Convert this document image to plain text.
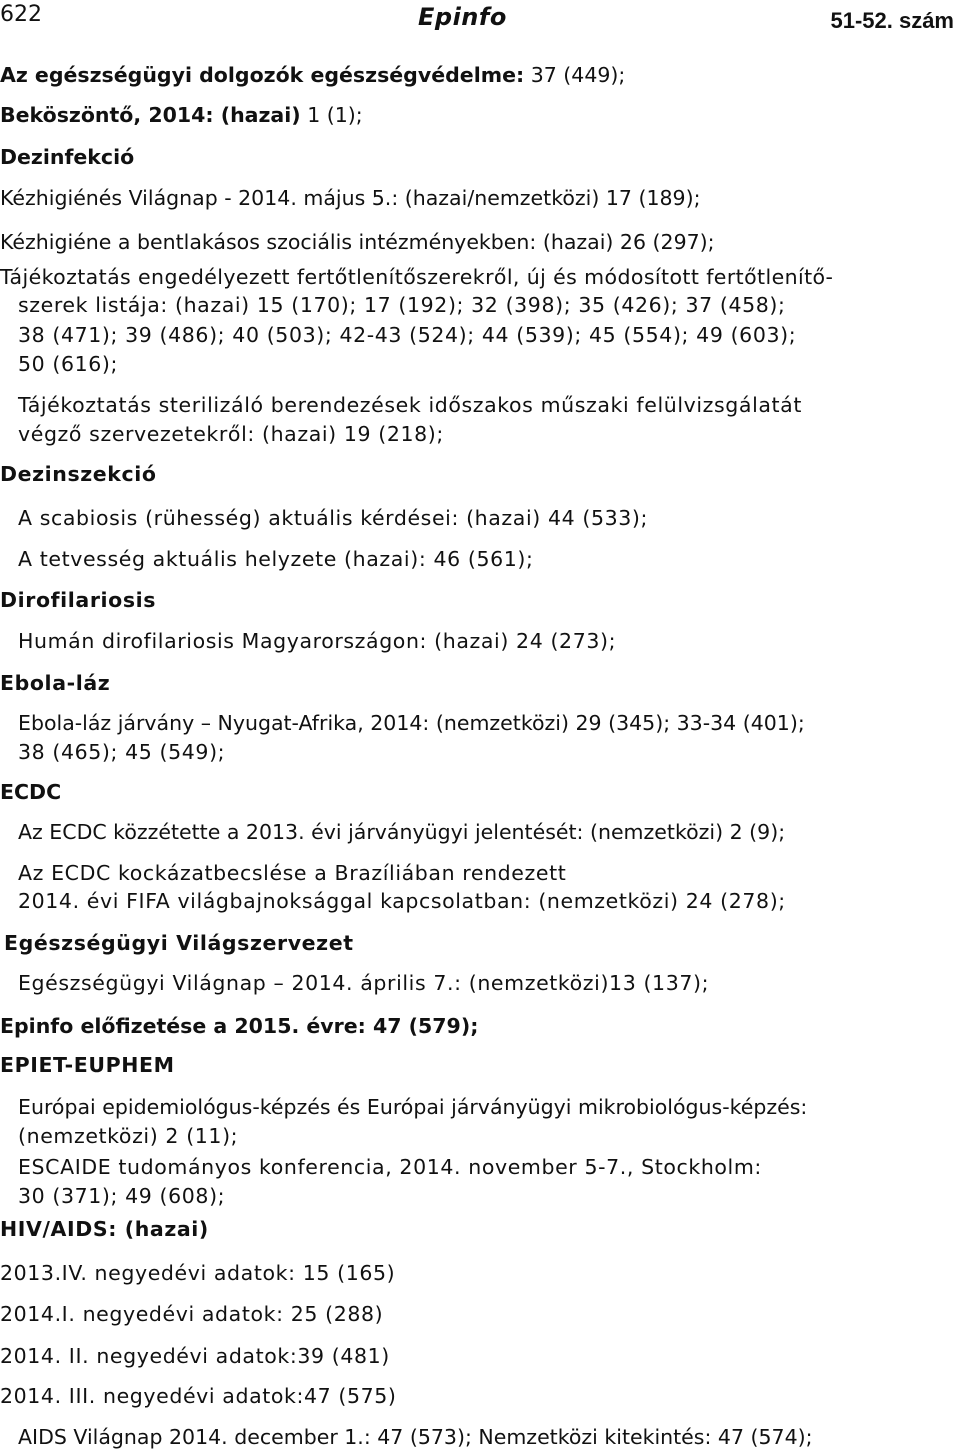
622	Epinfo	51-52. szám
Az egészségügyi dolgozók egészségvédelme: 37 (449);
Beköszöntő, 2014: (hazai) 1 (1);
Dezinfekció
Kézhigiénés Világnap - 2014. május 5.: (hazai/nemzetközi) 17 (189);
Kézhigiéne a bentlakásos szociális intézményekben: (hazai) 26 (297);
Tájékoztatás engedélyezett fertőtlenítőszerekről, új és módosított fertőtlenítő-
szerek listája: (hazai) 15 (170); 17 (192); 32 (398); 35 (426); 37 (458);
38 (471); 39 (486); 40 (503); 42-43 (524); 44 (539); 45 (554); 49 (603);
50 (616);
Tájékoztatás sterilizáló berendezések időszakos műszaki felülvizsgálatát
végző szervezetekről: (hazai) 19 (218);
Dezinszekció
A scabiosis (rühesség) aktuális kérdései: (hazai) 44 (533);
A tetvesség aktuális helyzete (hazai): 46 (561);
Dirofilariosis
Humán dirofilariosis Magyarországon: (hazai) 24 (273);
Ebola-láz
Ebola-láz járvány – Nyugat-Afrika, 2014: (nemzetközi) 29 (345); 33-34 (401);
38 (465); 45 (549);
ECDC
Az ECDC közzétette a 2013. évi járványügyi jelentését: (nemzetközi) 2 (9);
Az ECDC kockázatbecslése a Brazíliában rendezett
2014. évi FIFA világbajnoksággal kapcsolatban: (nemzetközi) 24 (278);
Egészségügyi Világszervezet
Egészségügyi Világnap – 2014. április 7.: (nemzetközi)13 (137);
Epinfo előfizetése a 2015. évre: 47 (579);
EPIET-EUPHEM
Európai epidemiológus-képzés és Európai járványügyi mikrobiológus-képzés:
(nemzetközi) 2 (11);
ESCAIDE tudományos konferencia, 2014. november 5-7., Stockholm:
30 (371); 49 (608);
HIV/AIDS: (hazai)
2013.IV. negyedévi adatok: 15 (165)
2014.I. negyedévi adatok: 25 (288)
2014. II. negyedévi adatok:39 (481)
2014. III. negyedévi adatok:47 (575)
AIDS Világnap 2014. december 1.: 47 (573); Nemzetközi kitekintés: 47 (574);
